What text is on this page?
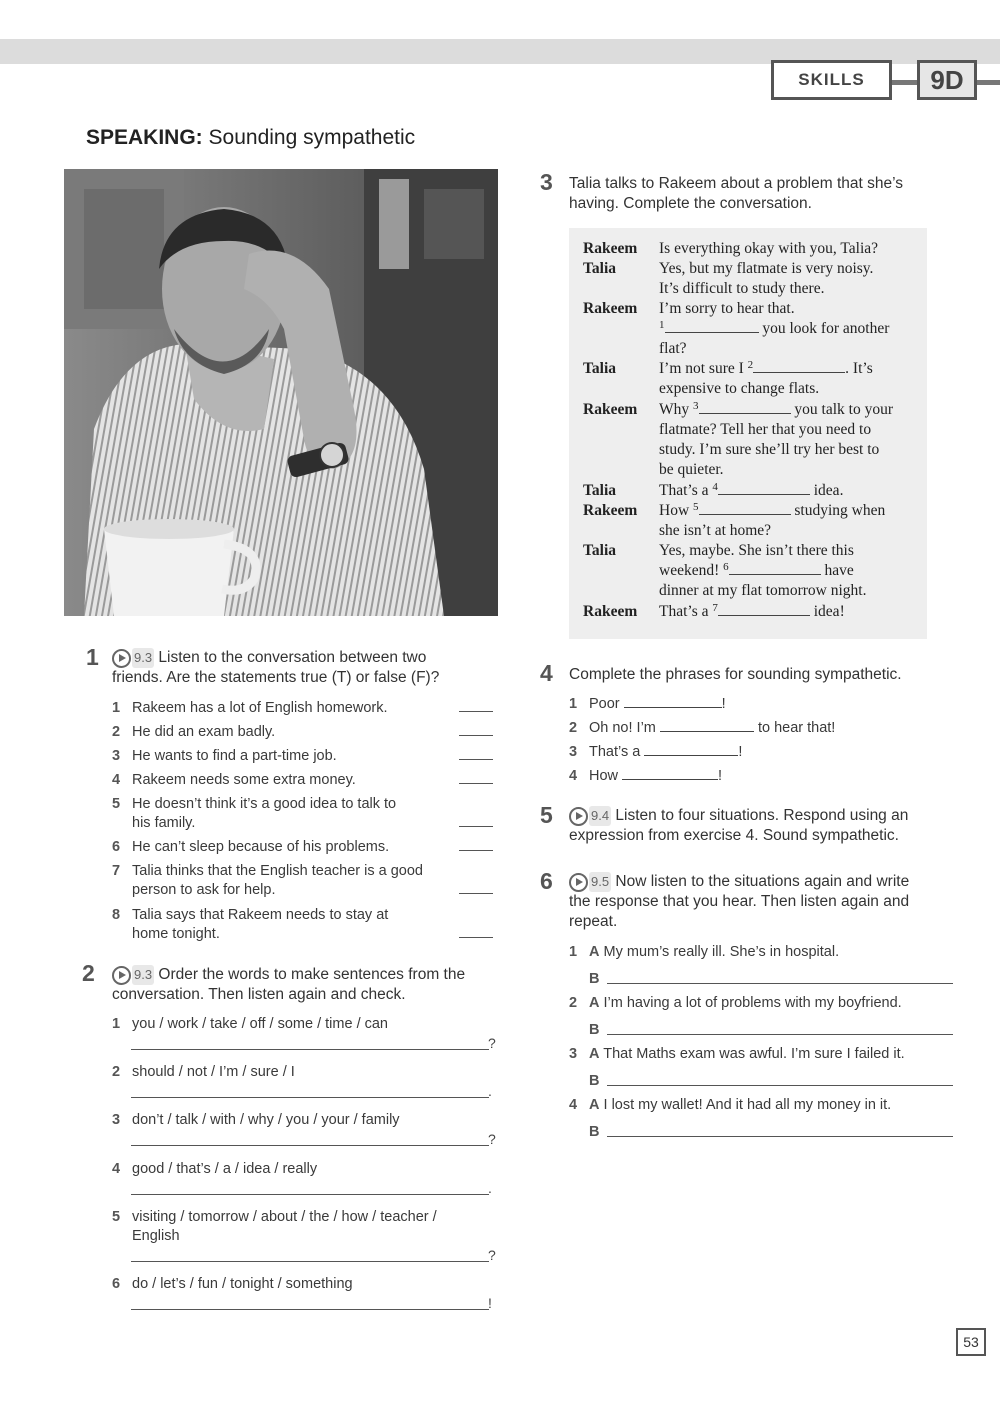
SKILLS	9D
SPEAKING: Sounding sympathetic
1	9.3 Listen to the conversation between two
friends. Are the statements true (T) or false (F)?
1 Rakeem has a lot of English homework.
2 He did an exam badly.
3 He wants to find a part-time job.
4 Rakeem needs some extra money.
5 He doesn’t think it’s a good idea to talk to
his family.
6 He can’t sleep because of his problems.
7 Talia thinks that the English teacher is a good
person to ask for help.
8 Talia says that Rakeem needs to stay at
home tonight.
2	9.3 Order the words to make sentences from the
conversation. Then listen again and check.
1 you / work / take / off / some / time / can
?
2 should / not / I’m / sure / I
.
3 don’t / talk / with / why / you / your / family
?
4 good / that’s / a / idea / really
.
5 visiting / tomorrow / about / the / how / teacher /
English
?
6 do / let’s / fun / tonight / something
!
3 Talia talks to Rakeem about a problem that she’s
having. Complete the conversation.
Rakeem Is everything okay with you, Talia?
Talia	Yes, but my flatmate is very noisy.
It’s difficult to study there.
Rakeem I’m sorry to hear that.
$^1$	you look for another
flat?
Talia	I’m not sure I $^2$	. It’s
expensive to change flats.
Rakeem Why $^3$	you talk to your
flatmate? Tell her that you need to
study. I’m sure she’ll try her best to
be quieter.
Talia	That’s a $^4$	idea.
Rakeem How $^5$	studying when
she isn’t at home?
Talia	Yes, maybe. She isn’t there this
weekend! $^6$	have
dinner at my flat tomorrow night.
Rakeem That’s a $^7$	idea!
4 Complete the phrases for sounding sympathetic.
1 Poor	!
2 Oh no! I’m	to hear that!
3 That’s a	!
4 How	!
5	9.4 Listen to four situations. Respond using an
expression from exercise 4. Sound sympathetic.
6	9.5 Now listen to the situations again and write
the response that you hear. Then listen again and
repeat.
1 A My mum’s really ill. She’s in hospital.
B
2 A I’m having a lot of problems with my boyfriend.
B
3 A That Maths exam was awful. I’m sure I failed it.
B
4 A I lost my wallet! And it had all my money in it.
B
53
